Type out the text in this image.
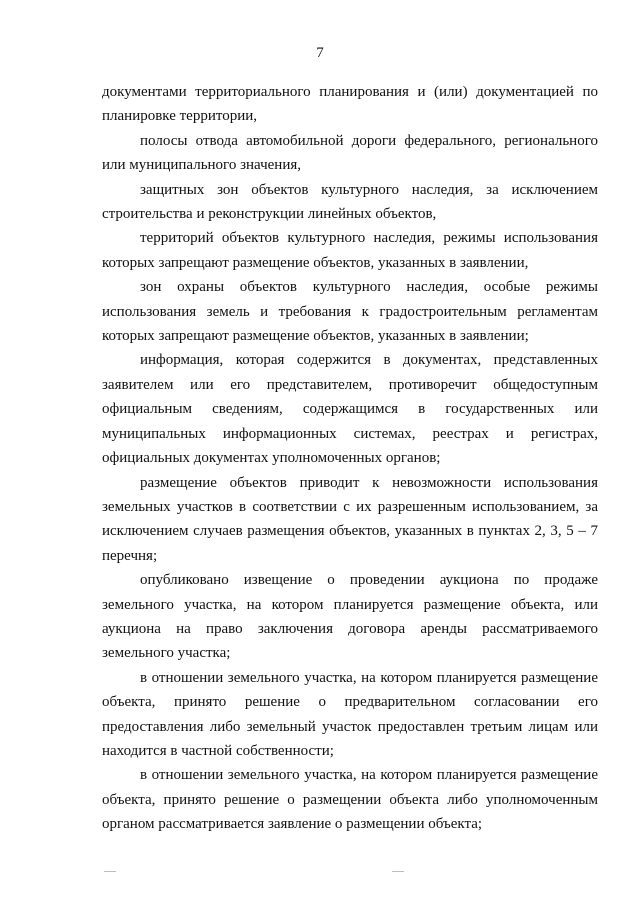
7

документами территориального планирования и (или) документацией по планировке территории,

полосы отвода автомобильной дороги федерального, регионального или муниципального значения,

защитных зон объектов культурного наследия, за исключением строительства и реконструкции линейных объектов,

территорий объектов культурного наследия, режимы использования которых запрещают размещение объектов, указанных в заявлении,

зон охраны объектов культурного наследия, особые режимы использования земель и требования к градостроительным регламентам которых запрещают размещение объектов, указанных в заявлении;

информация, которая содержится в документах, представленных заявителем или его представителем, противоречит общедоступным официальным сведениям, содержащимся в государственных или муниципальных информационных системах, реестрах и регистрах, официальных документах уполномоченных органов;

размещение объектов приводит к невозможности использования земельных участков в соответствии с их разрешенным использованием, за исключением случаев размещения объектов, указанных в пунктах 2, 3, 5 – 7 перечня;

опубликовано извещение о проведении аукциона по продаже земельного участка, на котором планируется размещение объекта, или аукциона на право заключения договора аренды рассматриваемого земельного участка;

в отношении земельного участка, на котором планируется размещение объекта, принято решение о предварительном согласовании его предоставления либо земельный участок предоставлен третьим лицам или находится в частной собственности;

в отношении земельного участка, на котором планируется размещение объекта, принято решение о размещении объекта либо уполномоченным органом рассматривается заявление о размещении объекта;
